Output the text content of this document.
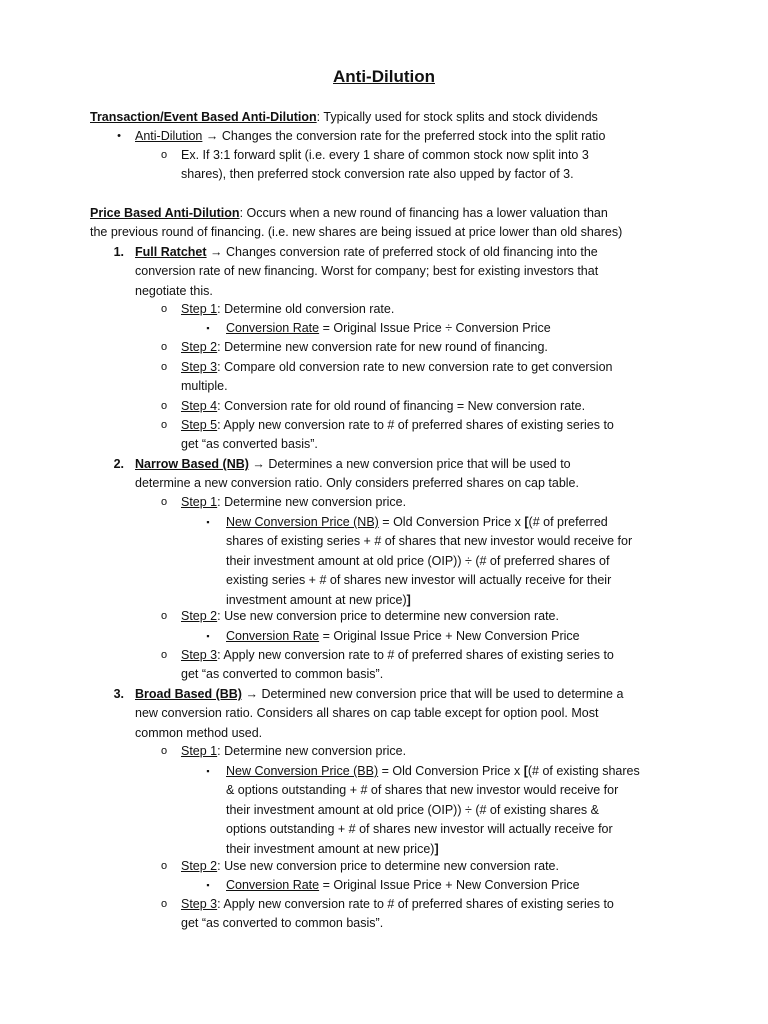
Anti-Dilution
Transaction/Event Based Anti-Dilution: Typically used for stock splits and stock dividends
•	Anti-Dilution → Changes the conversion rate for the preferred stock into the split ratio
o Ex. If 3:1 forward split (i.e. every 1 share of common stock now split into 3
shares), then preferred stock conversion rate also upped by factor of 3.
Price Based Anti-Dilution: Occurs when a new round of financing has a lower valuation than
the previous round of financing. (i.e. new shares are being issued at price lower than old shares)
1. Full Ratchet → Changes conversion rate of preferred stock of old financing into the
conversion rate of new financing. Worst for company; best for existing investors that
negotiate this.
o Step 1: Determine old conversion rate.
▪ Conversion Rate = Original Issue Price ÷ Conversion Price
o Step 2: Determine new conversion rate for new round of financing.
o Step 3: Compare old conversion rate to new conversion rate to get conversion
multiple.
o Step 4: Conversion rate for old round of financing = New conversion rate.
o Step 5: Apply new conversion rate to # of preferred shares of existing series to
get “as converted basis”.
2. Narrow Based (NB) → Determines a new conversion price that will be used to
determine a new conversion ratio. Only considers preferred shares on cap table.
o Step 1: Determine new conversion price.
▪ New Conversion Price (NB) = Old Conversion Price x [(# of preferred
shares of existing series + # of shares that new investor would receive for
their investment amount at old price (OIP)) ÷ (# of preferred shares of
existing series + # of shares new investor will actually receive for their
investment amount at new price)]
o Step 2: Use new conversion price to determine new conversion rate.
▪ Conversion Rate = Original Issue Price + New Conversion Price
o Step 3: Apply new conversion rate to # of preferred shares of existing series to
get “as converted to common basis”.
3. Broad Based (BB) → Determined new conversion price that will be used to determine a
new conversion ratio. Considers all shares on cap table except for option pool. Most
common method used.
o Step 1: Determine new conversion price.
▪ New Conversion Price (BB) = Old Conversion Price x [(# of existing shares
& options outstanding + # of shares that new investor would receive for
their investment amount at old price (OIP)) ÷ (# of existing shares &
options outstanding + # of shares new investor will actually receive for
their investment amount at new price)]
o Step 2: Use new conversion price to determine new conversion rate.
▪ Conversion Rate = Original Issue Price + New Conversion Price
o Step 3: Apply new conversion rate to # of preferred shares of existing series to
get “as converted to common basis”.
